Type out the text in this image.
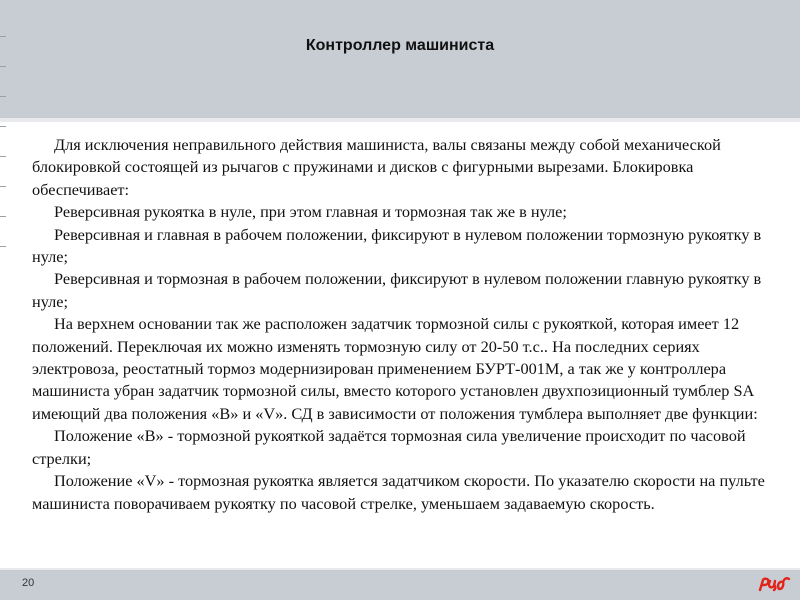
Контроллер машиниста

Для исключения неправильного действия машиниста, валы связаны между собой механической блокировкой состоящей из рычагов с пружинами и дисков с фигурными вырезами. Блокировка обеспечивает:

Реверсивная рукоятка в нуле, при этом главная и тормозная так же в нуле;

Реверсивная и главная в рабочем положении, фиксируют в нулевом положении тормозную рукоятку в нуле;

Реверсивная и тормозная в рабочем положении, фиксируют в нулевом положении главную рукоятку в нуле;

На верхнем основании так же расположен задатчик тормозной силы с рукояткой, которая имеет 12 положений. Переключая их можно изменять тормозную силу от 20-50 т.с.. На последних сериях электровоза, реостатный тормоз модернизирован применением БУРТ-001М, а так же у контроллера машиниста убран задатчик тормозной силы, вместо которого установлен двухпозиционный тумблер SA имеющий два положения «В» и «V». СД в зависимости от положения тумблера выполняет две функции:

Положение «В» - тормозной рукояткой задаётся тормозная сила увеличение происходит по часовой стрелки;

Положение «V» - тормозная рукоятка является задатчиком скорости. По указателю скорости на пульте машиниста поворачиваем рукоятку по часовой стрелке, уменьшаем задаваемую скорость.

20
